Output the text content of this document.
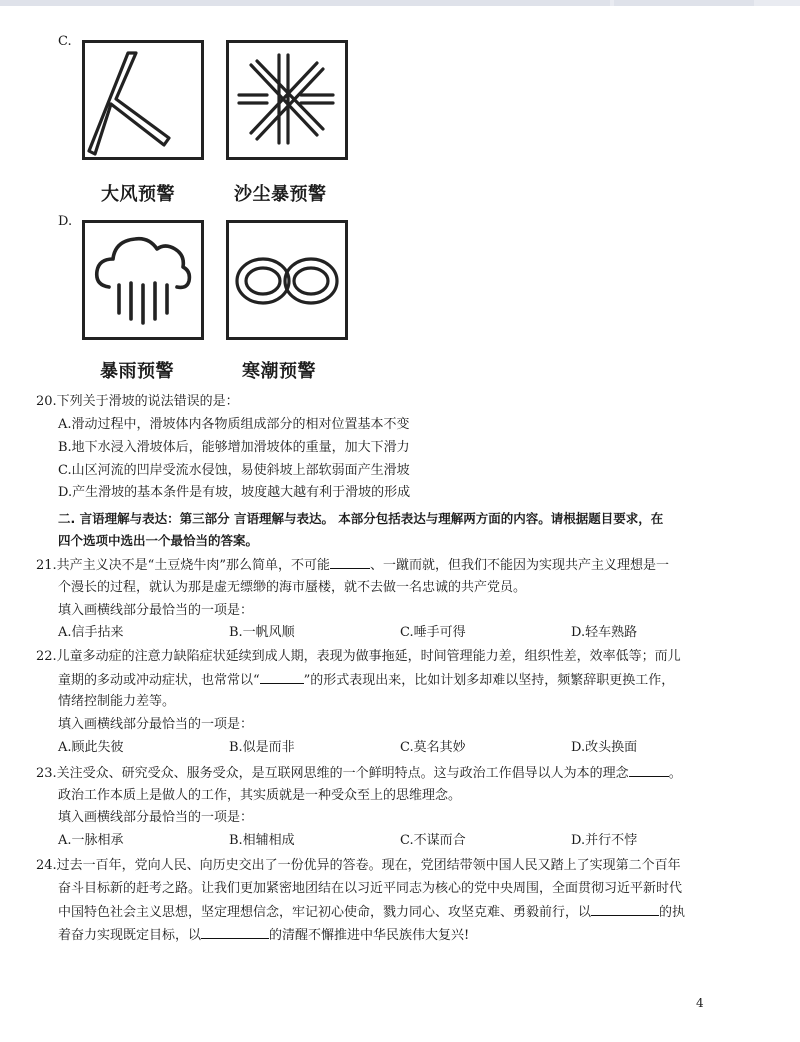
C.
大风预警	沙尘暴预警
D.
暴雨预警	寒潮预警
20.下列关于滑坡的说法错误的是：
A.滑动过程中，滑坡体内各物质组成部分的相对位置基本不变
B.地下水浸入滑坡体后，能够增加滑坡体的重量，加大下滑力
C.山区河流的凹岸受流水侵蚀，易使斜坡上部软弱面产生滑坡
D.产生滑坡的基本条件是有坡，坡度越大越有利于滑坡的形成
二. 言语理解与表达：第三部分 言语理解与表达。 本部分包括表达与理解两方面的内容。请根据题目要求，在
四个选项中选出一个最恰当的答案。
21.共产主义决不是“土豆烧牛肉”那么简单，不可能	、一蹴而就，但我们不能因为实现共产主义理想是一
个漫长的过程，就认为那是虚无缥缈的海市蜃楼，就不去做一名忠诚的共产党员。
填入画横线部分最恰当的一项是：
A.信手拈来	B.一帆风顺	C.唾手可得	D.轻车熟路
22.儿童多动症的注意力缺陷症状延续到成人期，表现为做事拖延，时间管理能力差，组织性差，效率低等；而儿
童期的多动或冲动症状，也常常以“	”的形式表现出来，比如计划多却难以坚持，频繁辞职更换工作，
情绪控制能力差等。
填入画横线部分最恰当的一项是：
A.顾此失彼	B.似是而非	C.莫名其妙	D.改头换面
23.关注受众、研究受众、服务受众，是互联网思维的一个鲜明特点。这与政治工作倡导以人为本的理念	。
政治工作本质上是做人的工作，其实质就是一种受众至上的思维理念。
填入画横线部分最恰当的一项是：
A.一脉相承	B.相辅相成	C.不谋而合	D.并行不悖
24.过去一百年，党向人民、向历史交出了一份优异的答卷。现在，党团结带领中国人民又踏上了实现第二个百年
奋斗目标新的赶考之路。让我们更加紧密地团结在以习近平同志为核心的党中央周围，全面贯彻习近平新时代
中国特色社会主义思想，坚定理想信念，牢记初心使命，戮力同心、攻坚克难、勇毅前行，以	的执
着奋力实现既定目标，以	的清醒不懈推进中华民族伟大复兴!
4
